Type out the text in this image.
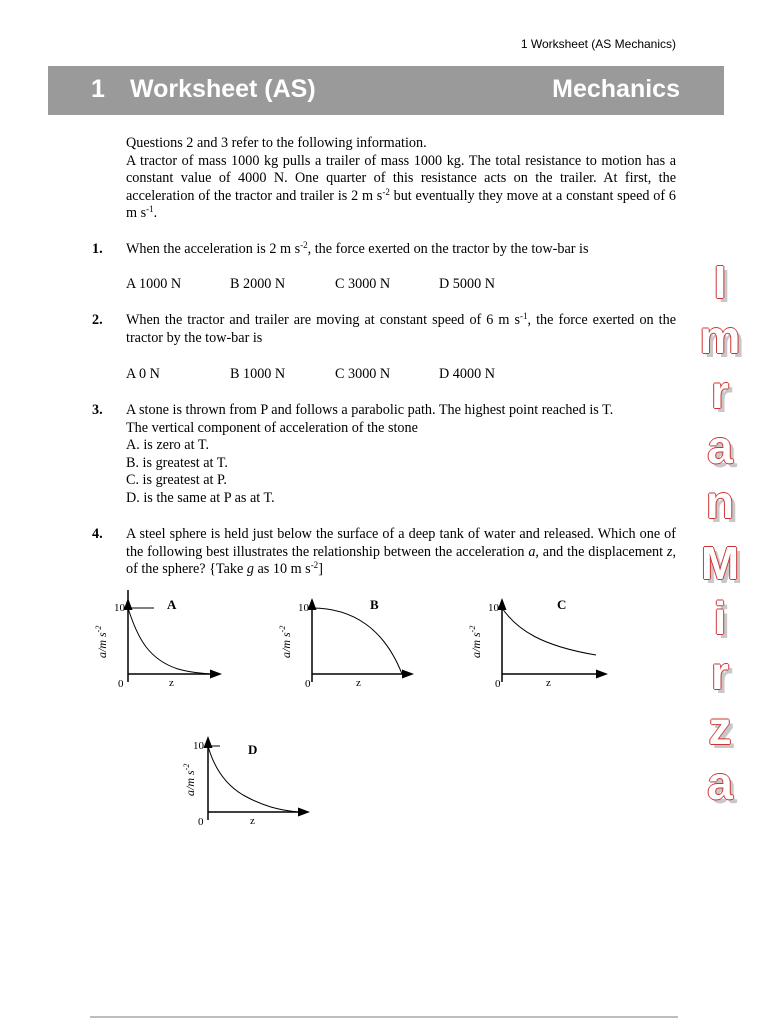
1 Worksheet (AS Mechanics)
1 Worksheet (AS)	Mechanics

Questions 2 and 3 refer to the following information.

A tractor of mass 1000 kg pulls a trailer of mass 1000 kg. The total resistance to motion has a constant value of 4000 N. One quarter of this resistance acts on the trailer. At first, the acceleration of the tractor and trailer is 2 m $s^{-2}$ but eventually they move at a constant speed of 6 m $s^{-1}$.

1. When the acceleration is 2 m $s^{-2}$, the force exerted on the tractor by the tow-bar is
A 1000 N	B 2000 N	C 3000 N	D 5000 N
2. When the tractor and trailer are moving at constant speed of 6 m $s^{-1}$, the force exerted on the tractor by the tow-bar is
A 0 N	B 1000 N	C 3000 N	D 4000 N
3. A stone is thrown from P and follows a parabolic path. The highest point reached is T.

The vertical component of acceleration of the stone

A. is zero at T.

B. is greatest at T.

C. is greatest at P.

D. is the same at P as at T.

4. A steel sphere is held just below the surface of a deep tank of water and released. Which one of the following best illustrates the relationship between the acceleration a, and the displacement z, of the sphere? {Take g as 10 m $s^{-2}$]
10
0	z
A
a/m $s^{-2}$
10
0	z
B
a/m $s^{-2}$
10
0	z
C
a/m $s^{-2}$
10
0	z
D
a/m $s^{-2}$
I
m
r
a
n
M
i
r
z
a
